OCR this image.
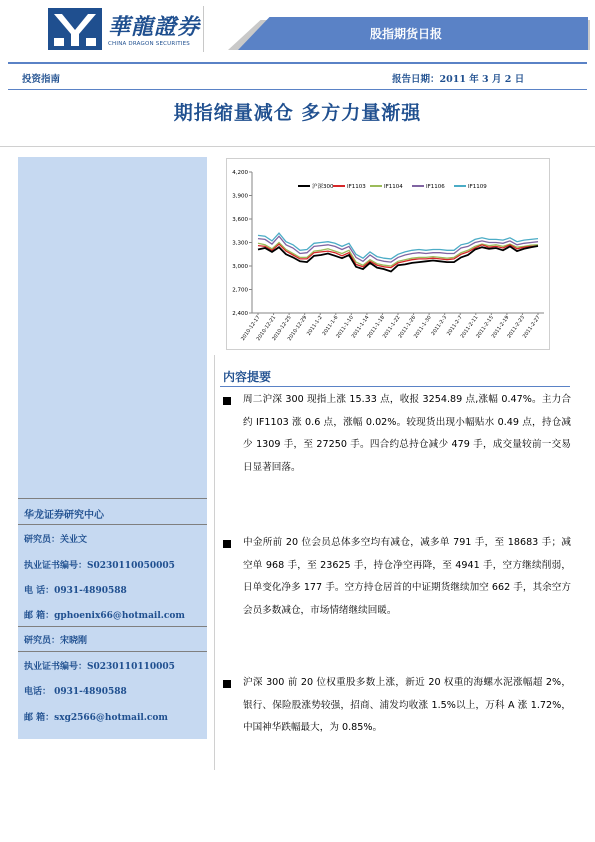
華龍證券
CHINA DRAGON SECURITIES
股指期货日报
投资指南	报告日期：2011 年 3 月 2 日
期指缩量减仓 多方力量渐强
华龙证券研究中心
研究员：关业文
执业证书编号：S0230110050005
电 话：0931-4890588
邮 箱：gphoenix66@hotmail.com
研究员：宋晓刚
执业证书编号：S0230110110005
电话： 0931-4890588
邮 箱：sxg2566@hotmail.com
2,400
2,700
3,000
3,300
3,600
3,900
4,200
2010-12-17
2010-12-21
2010-12-25
2010-12-29
2011-1-2
2011-1-6
2011-1-10
2011-1-14
2011-1-18
2011-1-22
2011-1-26
2011-1-30
2011-2-3
2011-2-7
2011-2-11
2011-2-15
2011-2-19
2011-2-23
2011-2-27
沪深300 IF1103	IF1104	IF1106	IF1109
内容提要
周二沪深 300 现指上涨 15.33 点，收报 3254.89 点,涨幅 0.47%。主力合约 IF1103 涨 0.6 点，涨幅 0.02%。较现货出现小幅贴水 0.49 点，持仓减少 1309 手，至 27250 手。四合约总持仓减少 479 手，成交量较前一交易日显著回落。
中金所前 20 位会员总体多空均有减仓，减多单 791 手，至 18683 手；减空单 968 手，至 23625 手，持仓净空再降，至 4941 手，空方继续削弱，日单变化净多 177 手。空方持仓居首的中证期货继续加空 662 手，其余空方会员多数减仓，市场情绪继续回暖。
沪深 300 前 20 位权重股多数上涨，新近 20 权重的海螺水泥涨幅超 2%，银行、保险股涨势较强，招商、浦发均收涨 1.5%以上，万科 A 涨 1.72%，中国神华跌幅最大，为 0.85%。
